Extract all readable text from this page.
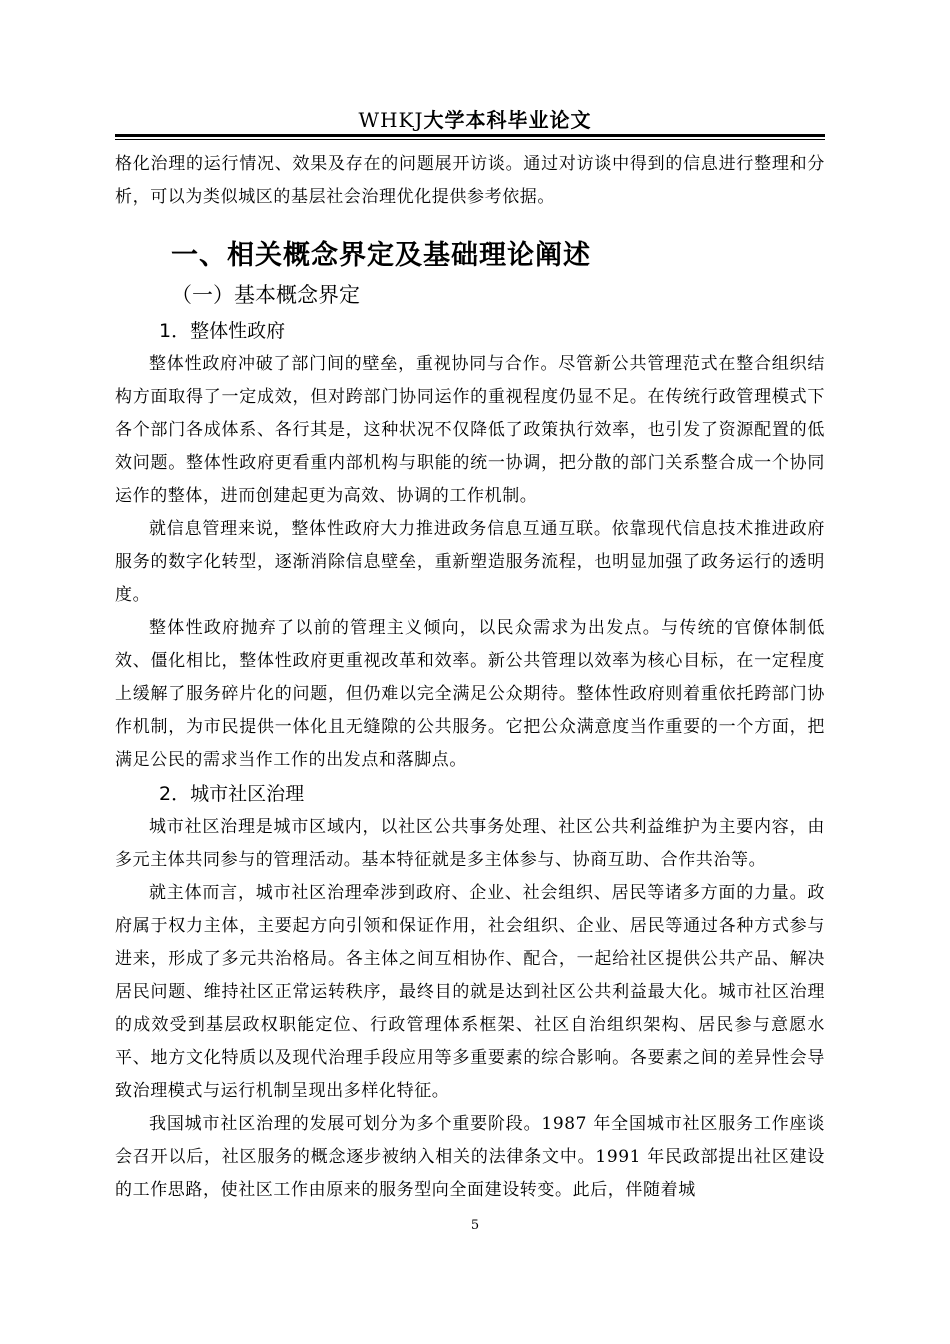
WHKJ大学本科毕业论文

格化治理的运行情况、效果及存在的问题展开访谈。通过对访谈中得到的信息进行整理和分析，可以为类似城区的基层社会治理优化提供参考依据。

一、相关概念界定及基础理论阐述
（一）基本概念界定
1．整体性政府

整体性政府冲破了部门间的壁垒，重视协同与合作。尽管新公共管理范式在整合组织结构方面取得了一定成效，但对跨部门协同运作的重视程度仍显不足。在传统行政管理模式下各个部门各成体系、各行其是，这种状况不仅降低了政策执行效率，也引发了资源配置的低效问题。整体性政府更看重内部机构与职能的统一协调，把分散的部门关系整合成一个协同运作的整体，进而创建起更为高效、协调的工作机制。

就信息管理来说，整体性政府大力推进政务信息互通互联。依靠现代信息技术推进政府服务的数字化转型，逐渐消除信息壁垒，重新塑造服务流程，也明显加强了政务运行的透明度。

整体性政府抛弃了以前的管理主义倾向，以民众需求为出发点。与传统的官僚体制低效、僵化相比，整体性政府更重视改革和效率。新公共管理以效率为核心目标，在一定程度上缓解了服务碎片化的问题，但仍难以完全满足公众期待。整体性政府则着重依托跨部门协作机制，为市民提供一体化且无缝隙的公共服务。它把公众满意度当作重要的一个方面，把满足公民的需求当作工作的出发点和落脚点。

2．城市社区治理

城市社区治理是城市区域内，以社区公共事务处理、社区公共利益维护为主要内容，由多元主体共同参与的管理活动。基本特征就是多主体参与、协商互助、合作共治等。

就主体而言，城市社区治理牵涉到政府、企业、社会组织、居民等诸多方面的力量。政府属于权力主体，主要起方向引领和保证作用，社会组织、企业、居民等通过各种方式参与进来，形成了多元共治格局。各主体之间互相协作、配合，一起给社区提供公共产品、解决居民问题、维持社区正常运转秩序，最终目的就是达到社区公共利益最大化。城市社区治理的成效受到基层政权职能定位、行政管理体系框架、社区自治组织架构、居民参与意愿水平、地方文化特质以及现代治理手段应用等多重要素的综合影响。各要素之间的差异性会导致治理模式与运行机制呈现出多样化特征。

我国城市社区治理的发展可划分为多个重要阶段。1987 年全国城市社区服务工作座谈会召开以后，社区服务的概念逐步被纳入相关的法律条文中。1991 年民政部提出社区建设的工作思路，使社区工作由原来的服务型向全面建设转变。此后，伴随着城

5
